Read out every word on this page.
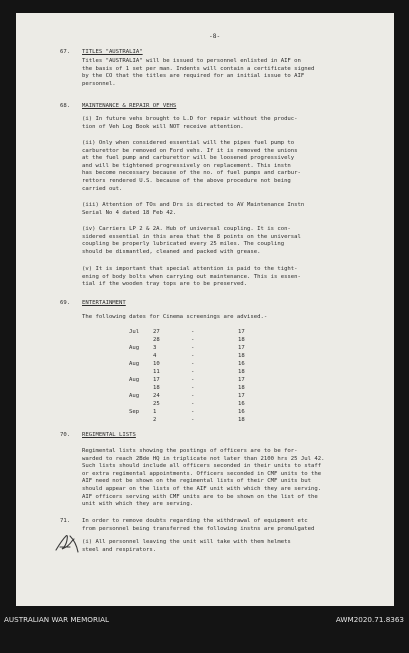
-8-

67. TITLES "AUSTRALIA"

Titles "AUSTRALIA" will be issued to personnel enlisted in AIF on
the basis of 1 set per man. Indents will contain a certificate signed
by the CO that the titles are required for an initial issue to AIF
personnel.

68. MAINTENANCE & REPAIR OF VEHS

(i) In future vehs brought to L.D for repair without the produc-
tion of Veh Log Book will NOT receive attention.
(ii) Only when considered essential will the pipes fuel pump to
carburettor be removed on Ford vehs. If it is removed the unions
at the fuel pump and carburettor will be loosened progressively
and will be tightened progressively on replacement. This instn
has become necessary because of the no. of fuel pumps and carbur-
rettors rendered U.S. because of the above procedure not being
carried out.
(iii) Attention of TOs and Drs is directed to AV Maintenance Instn
Serial No 4 dated 18 Feb 42.
(iv) Carriers LP 2 & 2A. Hub of universal coupling. It is con-
sidered essential in this area that the 8 points on the universal
coupling be properly lubricated every 25 miles. The coupling
should be dismantled, cleaned and packed with grease.
(v) It is important that special attention is paid to the tight-
ening of body bolts when carrying out maintenance. This is essen-
tial if the wooden tray tops are to be preserved.

69. ENTERTAINMENT

The following dates for Cinema screenings are advised.-

Jul 27	-	17
28	-	18
Aug 3	-	17
4	-	18
Aug 10	-	16
11	-	18
Aug 17	-	17
18	-	18
Aug 24	-	17
25	-	16
Sep 1	-	16
2	-	18

70. REGIMENTAL LISTS

Regimental lists showing the postings of officers are to be for-
warded to reach 2Bde HQ in triplicate not later than 2100 hrs 25 Jul 42.
Such lists should include all officers seconded in their units to staff
or extra regimental appointments. Officers seconded in CMF units to the
AIF need not be shown on the regimental lists of their CMF units but
should appear on the lists of the AIF unit with which they are serving.
AIF officers serving with CMF units are to be shown on the list of the
unit with which they are serving.

71. In order to remove doubts regarding the withdrawal of equipment etc
from personnel being transferred the following instns are promulgated
(i) All personnel leaving the unit will take with them helmets
steel and respirators.
AUSTRALIAN WAR MEMORIAL	AWM2020.71.8363
